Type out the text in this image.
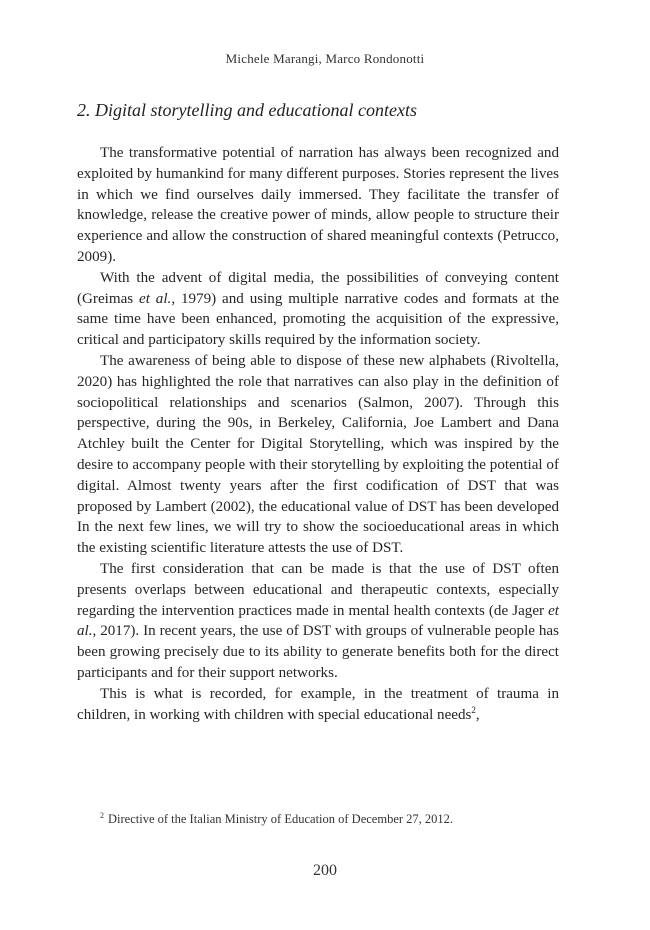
Michele Marangi, Marco Rondonotti
2. Digital storytelling and educational contexts

The transformative potential of narration has always been recognized and exploited by humankind for many different purposes. Stories represent the lives in which we find ourselves daily immersed. They facilitate the transfer of knowledge, release the creative power of minds, allow people to structure their experience and allow the construction of shared meaningful contexts (Petrucco, 2009).

With the advent of digital media, the possibilities of conveying content (Greimas et al., 1979) and using multiple narrative codes and formats at the same time have been enhanced, promoting the acquisition of the expressive, critical and participatory skills required by the information society.

The awareness of being able to dispose of these new alphabets (Rivoltella, 2020) has highlighted the role that narratives can also play in the definition of sociopolitical relationships and scenarios (Salmon, 2007). Through this perspective, during the 90s, in Berkeley, California, Joe Lambert and Dana Atchley built the Center for Digital Storytelling, which was inspired by the desire to accompany people with their storytelling by exploiting the potential of digital. Almost twenty years after the first codification of DST that was proposed by Lambert (2002), the educational value of DST has been developed In the next few lines, we will try to show the socioeducational areas in which the existing scientific literature attests the use of DST.

The first consideration that can be made is that the use of DST often presents overlaps between educational and therapeutic contexts, especially regarding the intervention practices made in mental health contexts (de Jager et al., 2017). In recent years, the use of DST with groups of vulnerable people has been growing precisely due to its ability to generate benefits both for the direct participants and for their support networks.

This is what is recorded, for example, in the treatment of trauma in children, in working with children with special educational needs$^2$,

$^2$ Directive of the Italian Ministry of Education of December 27, 2012.
200
